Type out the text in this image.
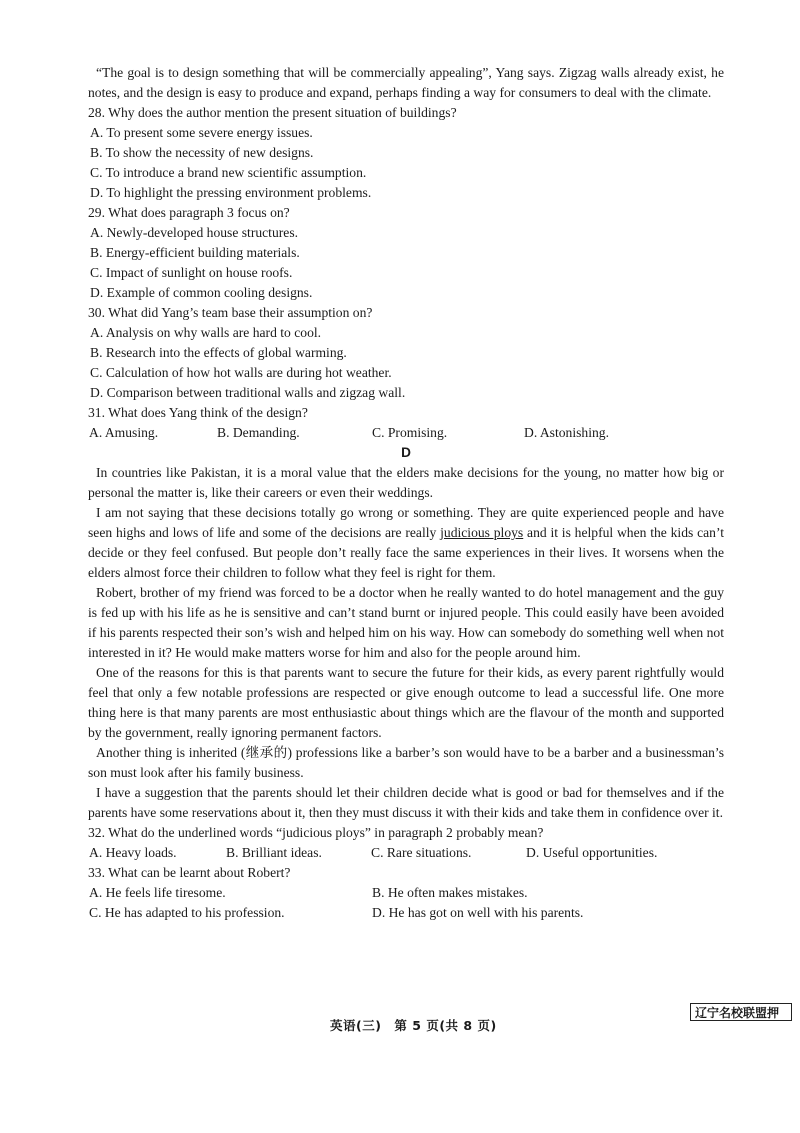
“The goal is to design something that will be commercially appealing”, Yang says. Zigzag walls already exist, he notes, and the design is easy to produce and expand, perhaps finding a way for consumers to deal with the climate.

28. Why does the author mention the present situation of buildings?

A. To present some severe energy issues.

B. To show the necessity of new designs.

C. To introduce a brand new scientific assumption.

D. To highlight the pressing environment problems.

29. What does paragraph 3 focus on?

A. Newly-developed house structures.

B. Energy-efficient building materials.

C. Impact of sunlight on house roofs.

D. Example of common cooling designs.

30. What did Yang’s team base their assumption on?

A. Analysis on why walls are hard to cool.

B. Research into the effects of global warming.

C. Calculation of how hot walls are during hot weather.

D. Comparison between traditional walls and zigzag wall.

31. What does Yang think of the design?

A. Amusing.	B. Demanding.	C. Promising.	D. Astonishing.

D

In countries like Pakistan, it is a moral value that the elders make decisions for the young, no matter how big or personal the matter is, like their careers or even their weddings.

I am not saying that these decisions totally go wrong or something. They are quite experienced people and have seen highs and lows of life and some of the decisions are really judicious ploys and it is helpful when the kids can’t decide or they feel confused. But people don’t really face the same experiences in their lives. It worsens when the elders almost force their children to follow what they feel is right for them.

Robert, brother of my friend was forced to be a doctor when he really wanted to do hotel management and the guy is fed up with his life as he is sensitive and can’t stand burnt or injured people. This could easily have been avoided if his parents respected their son’s wish and helped him on his way. How can somebody do something well when not interested in it? He would make matters worse for him and also for the people around him.

One of the reasons for this is that parents want to secure the future for their kids, as every parent rightfully would feel that only a few notable professions are respected or give enough outcome to lead a successful life. One more thing here is that many parents are most enthusiastic about things which are the flavour of the month and supported by the government, really ignoring permanent factors.

Another thing is inherited (继承的) professions like a barber’s son would have to be a barber and a businessman’s son must look after his family business.

I have a suggestion that the parents should let their children decide what is good or bad for themselves and if the parents have some reservations about it, then they must discuss it with their kids and take them in confidence over it.

32. What do the underlined words “judicious ploys” in paragraph 2 probably mean?

A. Heavy loads.	B. Brilliant ideas.	C. Rare situations.	D. Useful opportunities.

33. What can be learnt about Robert?

A. He feels life tiresome.	B. He often makes mistakes.
C. He has adapted to his profession.	D. He has got on well with his parents.
英语(三)　第 5 页(共 8 页)
辽宁名校联盟押
